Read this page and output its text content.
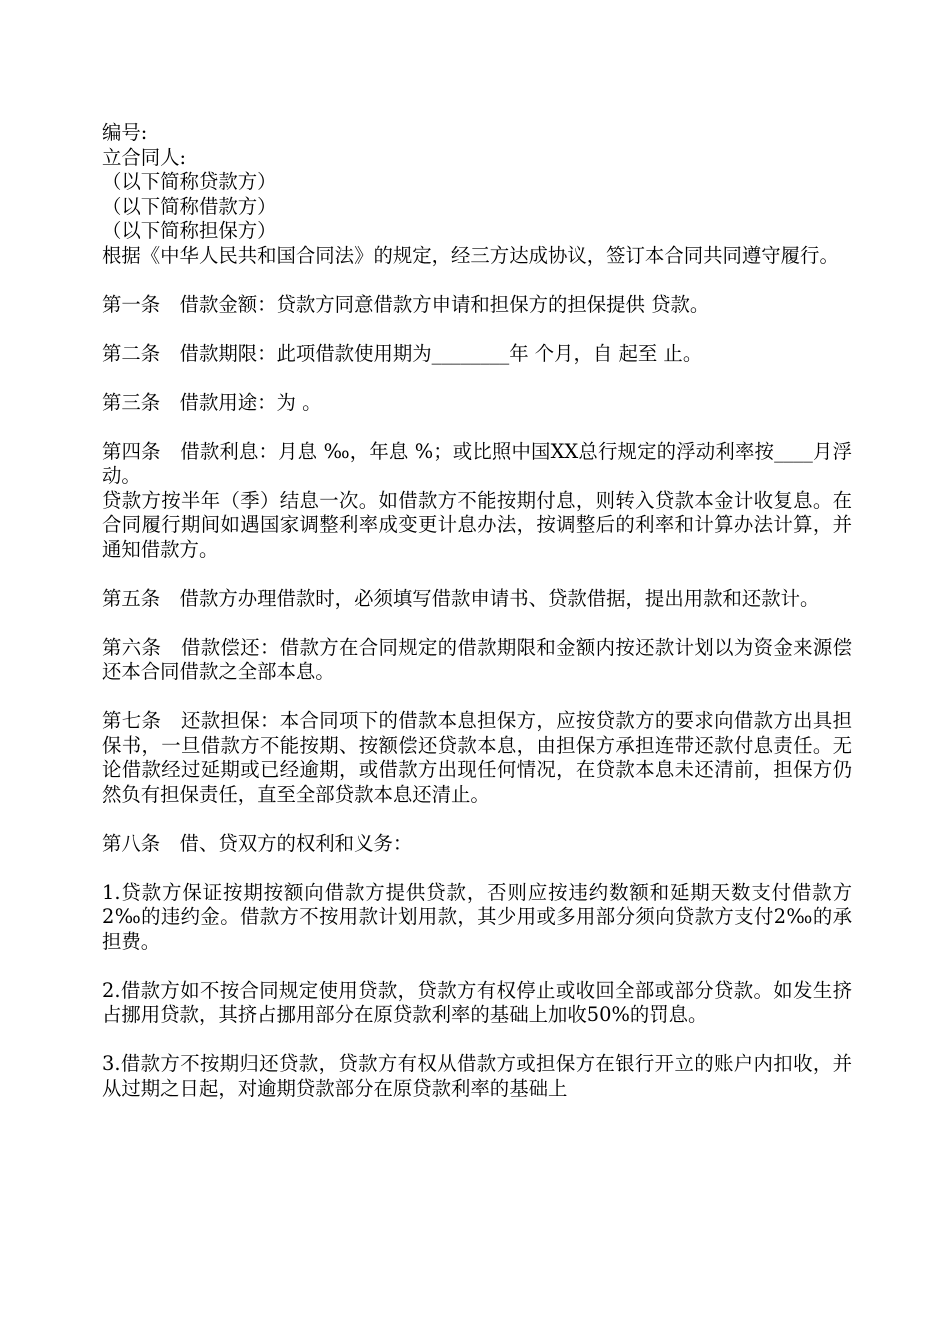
编号:
立合同人:
（以下简称贷款方）
（以下简称借款方）
（以下简称担保方）
根据《中华人民共和国合同法》的规定，经三方达成协议，签订本合同共同遵守履行。
第一条　借款金额：贷款方同意借款方申请和担保方的担保提供 贷款。
第二条　借款期限：此项借款使用期为________年 个月，自 起至 止。
第三条　借款用途：为 。
第四条　借款利息：月息 ‰，年息 %；或比照中国XX总行规定的浮动利率按____月浮动。
贷款方按半年（季）结息一次。如借款方不能按期付息，则转入贷款本金计收复息。在合同履行期间如遇国家调整利率成变更计息办法，按调整后的利率和计算办法计算，并通知借款方。
第五条　借款方办理借款时，必须填写借款申请书、贷款借据，提出用款和还款计。
第六条　借款偿还：借款方在合同规定的借款期限和金额内按还款计划以为资金来源偿还本合同借款之全部本息。
第七条　还款担保：本合同项下的借款本息担保方，应按贷款方的要求向借款方出具担保书，一旦借款方不能按期、按额偿还贷款本息，由担保方承担连带还款付息责任。无论借款经过延期或已经逾期，或借款方出现任何情况，在贷款本息未还清前，担保方仍然负有担保责任，直至全部贷款本息还清止。
第八条　借、贷双方的权利和义务：
1.贷款方保证按期按额向借款方提供贷款，否则应按违约数额和延期天数支付借款方2‰的违约金。借款方不按用款计划用款，其少用或多用部分须向贷款方支付2‰的承担费。
2.借款方如不按合同规定使用贷款，贷款方有权停止或收回全部或部分贷款。如发生挤占挪用贷款，其挤占挪用部分在原贷款利率的基础上加收50%的罚息。
3.借款方不按期归还贷款，贷款方有权从借款方或担保方在银行开立的账户内扣收，并从过期之日起，对逾期贷款部分在原贷款利率的基础上
